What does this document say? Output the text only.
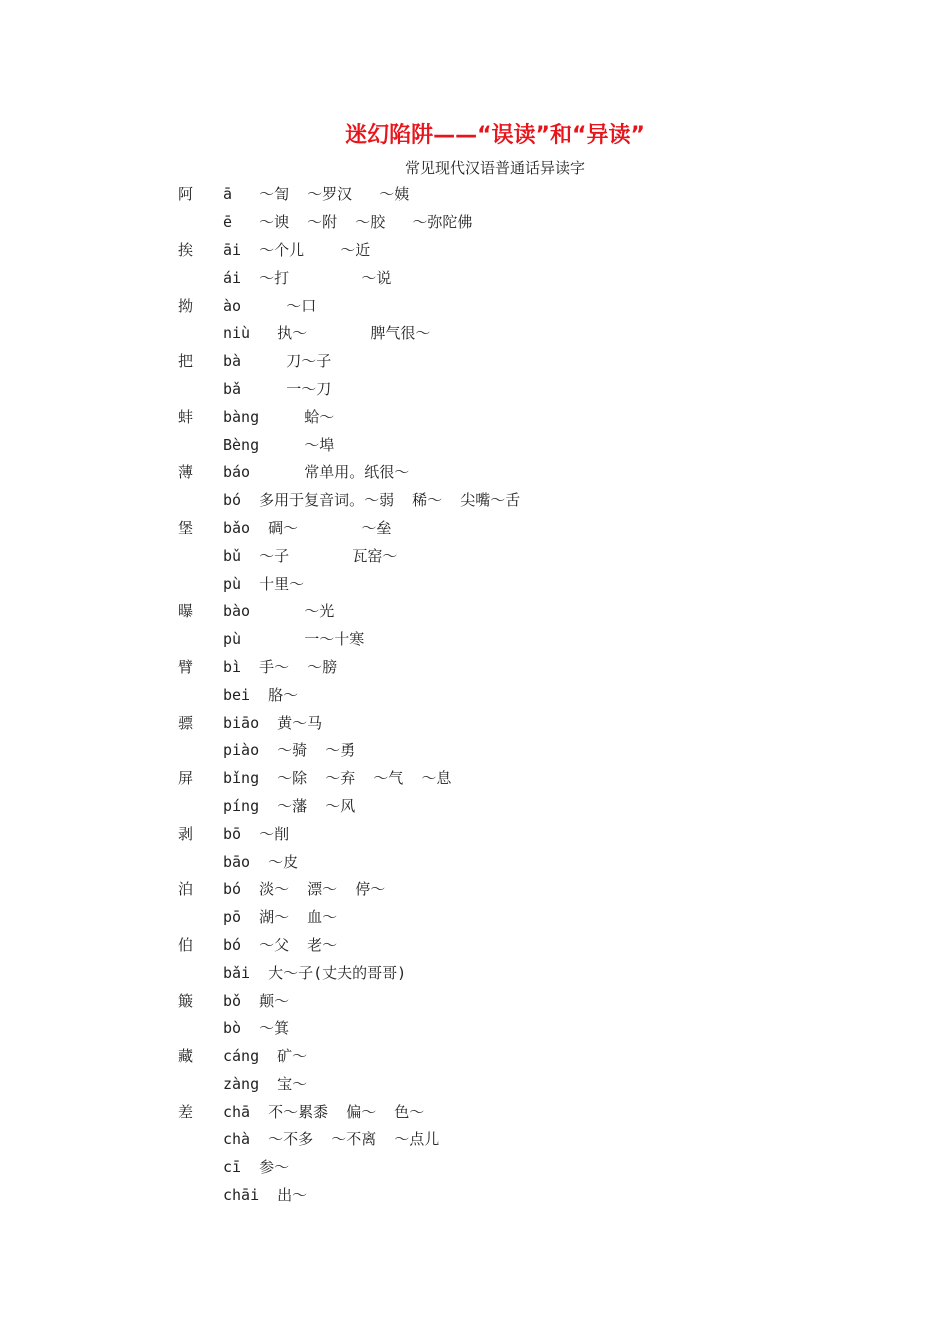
迷幻陷阱——“误读”和“异读”
常见现代汉语普通话异读字
阿	ā   ～訇  ～罗汉   ～姨
ē   ～谀  ～附  ～胶   ～弥陀佛
挨	āi  ～个儿    ～近
ái  ～打        ～说
拗	ào     ～口
niù   执～       脾气很～
把	bà     刀～子
bǎ     一～刀
蚌	bàng     蛤～
Bèng     ～埠
薄	báo      常单用。纸很～
bó  多用于复音词。～弱  稀～  尖嘴～舌
堡	bǎo  碉～       ～垒
bǔ  ～子       瓦窑～
pù  十里～
曝	bào      ～光
pù       一～十寒
臂	bì  手～  ～膀
bei  胳～
骠	biāo  黄～马
piào  ～骑  ～勇
屏	bǐng  ～除  ～弃  ～气  ～息
píng  ～藩  ～风
剥	bō  ～削
bāo  ～皮
泊	bó  淡～  漂～  停～
pō  湖～  血～
伯	bó  ～父  老～
bǎi  大～子(丈夫的哥哥)
簸	bǒ  颠～
bò  ～箕
藏	cáng  矿～
zàng  宝～
差	chā  不～累黍  偏～  色～
chà  ～不多  ～不离  ～点儿
cī  参～
chāi  出～
